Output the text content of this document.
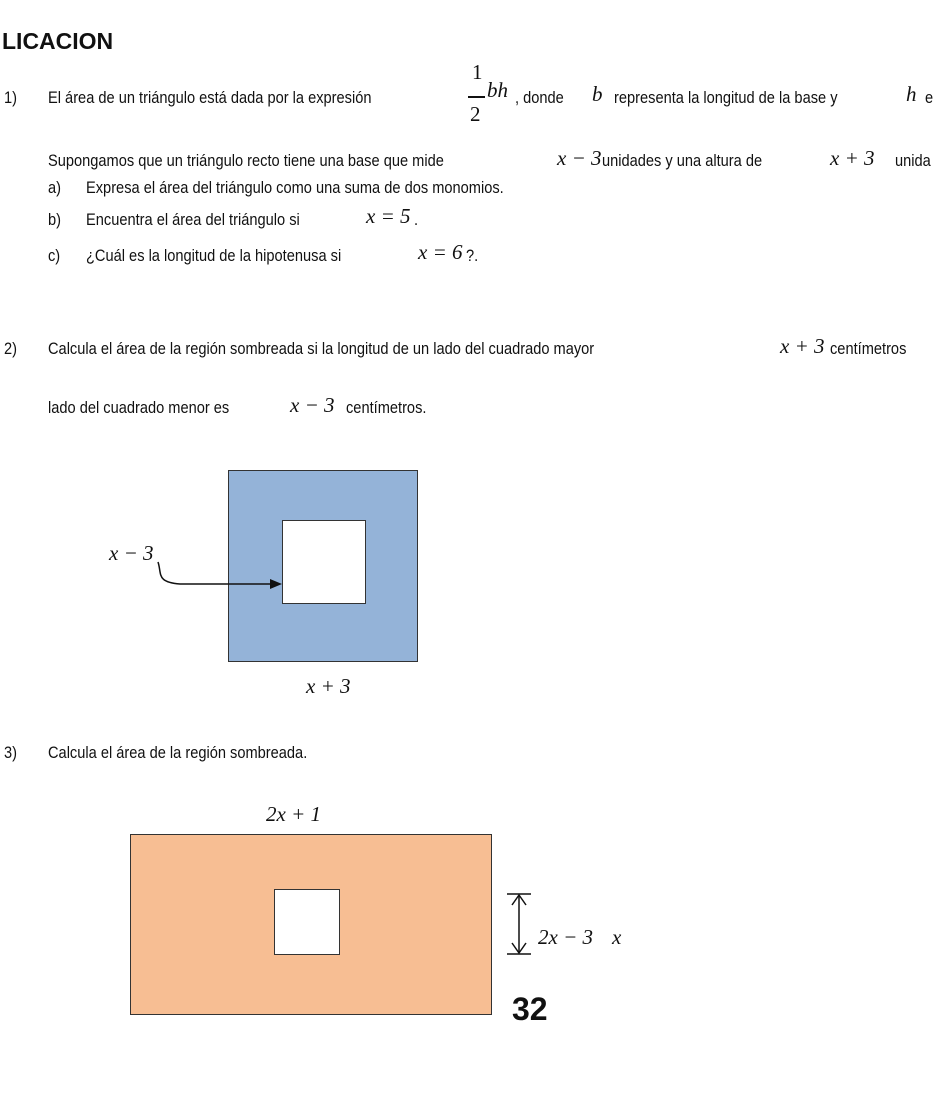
LICACION
1) El área de un triángulo está dada por la expresión
1
2
bh , donde b representa la longitud de la base y	h e
Supongamos que un triángulo recto tiene una base que mide	x − 3 unidades y una altura de	x + 3 unida
a) Expresa el área del triángulo como una suma de dos monomios.
b) Encuentra el área del triángulo si	x = 5 .
c) ¿Cuál es la longitud de la hipotenusa si	x = 6 ?.
2) Calcula el área de la región sombreada si la longitud de un lado del cuadrado mayor	x + 3 centímetros
lado del cuadrado menor es	x − 3 centímetros.
x − 3
x + 3
3) Calcula el área de la región sombreada.
2x + 1
2x − 3 x
32
